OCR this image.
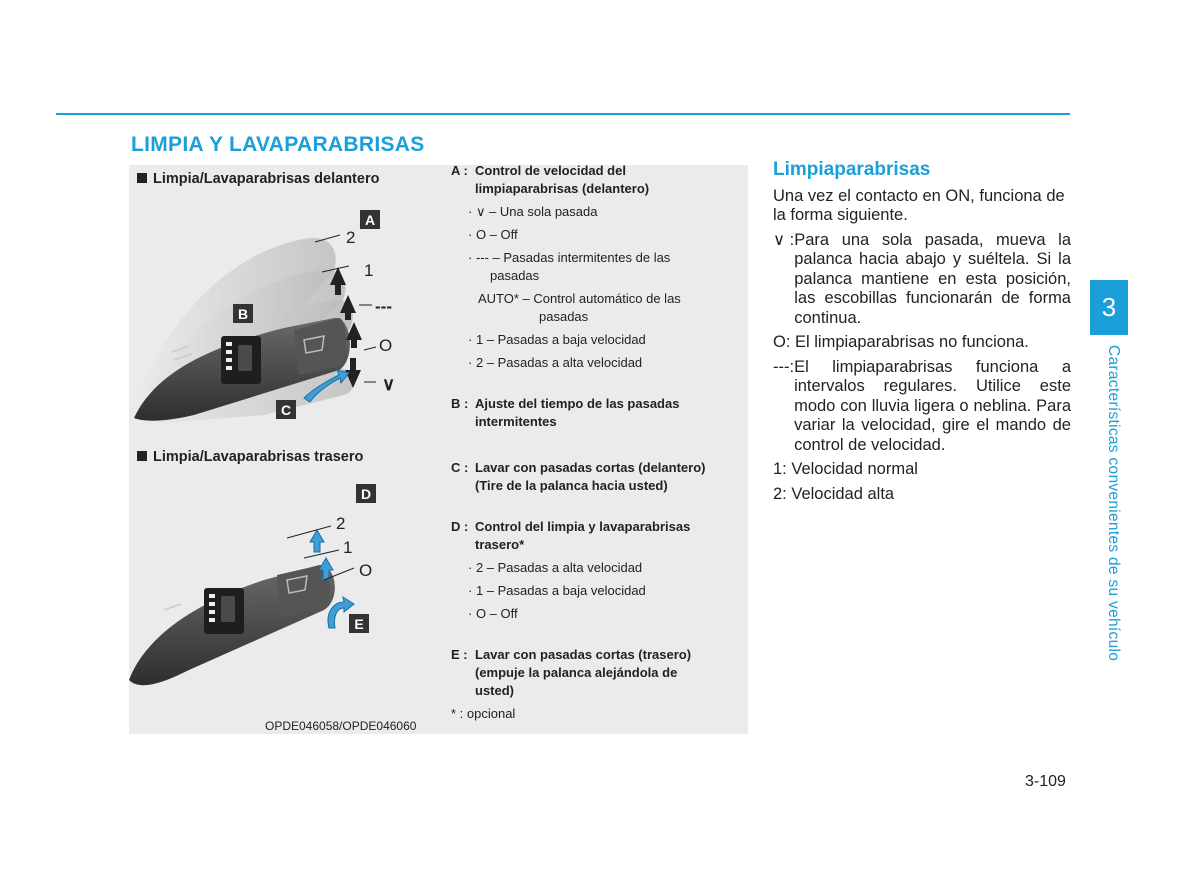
LIMPIA Y LAVAPARABRISAS
Limpia/Lavaparabrisas delantero
2
1
---
O
∨
A
B
C
Limpia/Lavaparabrisas trasero
2
1
O
D
E
OPDE046058/OPDE046060
A : Control de velocidad del
limpiaparabrisas (delantero)
· ∨ – Una sola pasada
· O – Off
· --- – Pasadas intermitentes de las
pasadas
AUTO* – Control automático de las
pasadas
· 1 – Pasadas a baja velocidad
· 2 – Pasadas a alta velocidad
B : Ajuste del tiempo de las pasadas
intermitentes
C : Lavar con pasadas cortas (delantero)
(Tire de la palanca hacia usted)
D : Control del limpia y lavaparabrisas
trasero*
· 2 – Pasadas a alta velocidad
· 1 – Pasadas a baja velocidad
· O – Off
E : Lavar con pasadas cortas (trasero)
(empuje la palanca alejándola de
usted)
* : opcional
Limpiaparabrisas

Una vez el contacto en ON, funciona de la forma siguiente.

∨ : Para una sola pasada, mueva la palanca hacia abajo y suéltela. Si la palanca mantiene en esta posición, las escobillas funcionarán de forma continua.

O: El limpiaparabrisas no funciona.

---: El limpiaparabrisas funciona a intervalos regulares. Utilice este modo con lluvia ligera o neblina. Para variar la velocidad, gire el mando de control de velocidad.

1: Velocidad normal

2: Velocidad alta

3
Características convenientes de su vehículo
3-109
